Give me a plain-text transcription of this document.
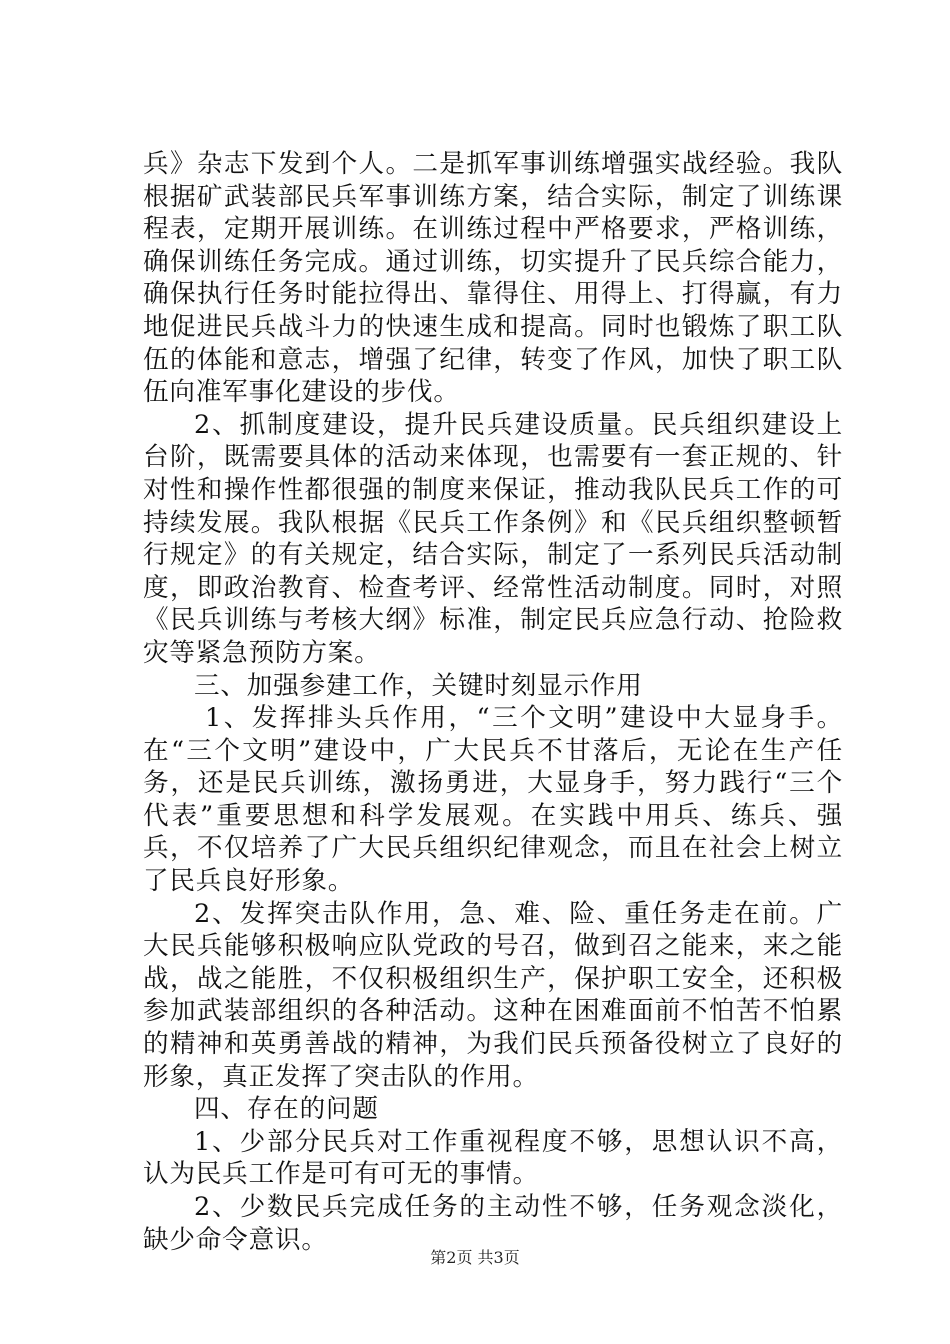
兵》杂志下发到个人。二是抓军事训练增强实战经验。我队根据矿武装部民兵军事训练方案，结合实际，制定了训练课程表，定期开展训练。在训练过程中严格要求，严格训练，确保训练任务完成。通过训练，切实提升了民兵综合能力，确保执行任务时能拉得出、靠得住、用得上、打得赢，有力地促进民兵战斗力的快速生成和提高。同时也锻炼了职工队伍的体能和意志，增强了纪律，转变了作风，加快了职工队伍向准军事化建设的步伐。

2、抓制度建设，提升民兵建设质量。民兵组织建设上台阶，既需要具体的活动来体现，也需要有一套正规的、针对性和操作性都很强的制度来保证，推动我队民兵工作的可持续发展。我队根据《民兵工作条例》和《民兵组织整顿暂行规定》的有关规定，结合实际，制定了一系列民兵活动制度，即政治教育、检查考评、经常性活动制度。同时，对照《民兵训练与考核大纲》标准，制定民兵应急行动、抢险救灾等紧急预防方案。

三、加强参建工作，关键时刻显示作用

1、发挥排头兵作用，“三个文明”建设中大显身手。在“三个文明”建设中，广大民兵不甘落后，无论在生产任务，还是民兵训练，激扬勇进，大显身手，努力践行“三个代表”重要思想和科学发展观。在实践中用兵、练兵、强兵，不仅培养了广大民兵组织纪律观念，而且在社会上树立了民兵良好形象。

2、发挥突击队作用，急、难、险、重任务走在前。广大民兵能够积极响应队党政的号召，做到召之能来，来之能战，战之能胜，不仅积极组织生产，保护职工安全，还积极参加武装部组织的各种活动。这种在困难面前不怕苦不怕累的精神和英勇善战的精神，为我们民兵预备役树立了良好的形象，真正发挥了突击队的作用。

四、存在的问题

1、少部分民兵对工作重视程度不够，思想认识不高，认为民兵工作是可有可无的事情。

2、少数民兵完成任务的主动性不够，任务观念淡化，缺少命令意识。

第2页 共3页
